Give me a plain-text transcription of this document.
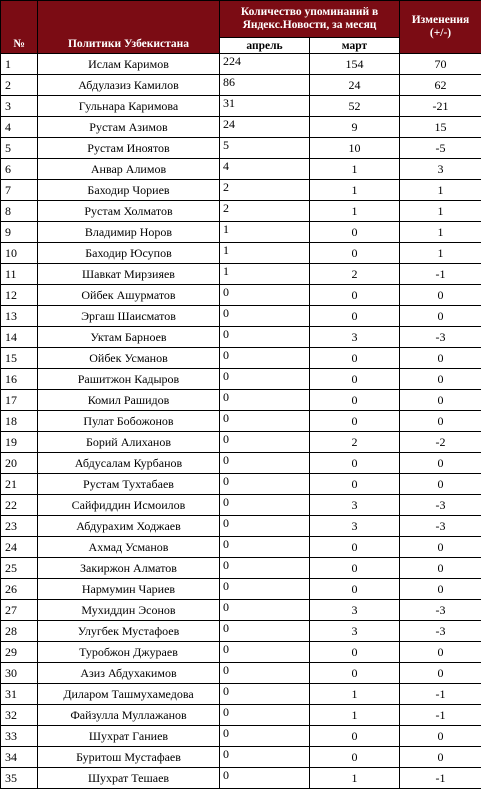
№	Политики Узбекистана	Количество упоминаний в Яндекс.Новости, за месяц		Изменения (+/-)
		апрель	март	
1	Ислам Каримов	224	154	70
2	Абдулазиз Камилов	86	24	62
3	Гульнара Каримова	31	52	-21
4	Рустам Азимов	24	9	15
5	Рустам Иноятов	5	10	-5
6	Анвар Алимов	4	1	3
7	Баходир Чориев	2	1	1
8	Рустам Холматов	2	1	1
9	Владимир Норов	1	0	1
10	Баходир Юсупов	1	0	1
11	Шавкат Мирзияев	1	2	-1
12	Ойбек Ашурматов	0	0	0
13	Эргаш Шаисматов	0	0	0
14	Уктам Барноев	0	3	-3
15	Ойбек Усманов	0	0	0
16	Рашитжон Кадыров	0	0	0
17	Комил Рашидов	0	0	0
18	Пулат Бобожонов	0	0	0
19	Борий Алиханов	0	2	-2
20	Абдусалам Курбанов	0	0	0
21	Рустам Тухтабаев	0	0	0
22	Сайфиддин Исмоилов	0	3	-3
23	Абдурахим Ходжаев	0	3	-3
24	Ахмад Усманов	0	0	0
25	Закиржон Алматов	0	0	0
26	Нармумин Чариев	0	0	0
27	Мухиддин Эсонов	0	3	-3
28	Улугбек Мустафоев	0	3	-3
29	Туробжон Джураев	0	0	0
30	Азиз Абдухакимов	0	0	0
31	Диларом Ташмухамедова	0	1	-1
32	Файзулла Муллажанов	0	1	-1
33	Шухрат Ганиев	0	0	0
34	Буритош Мустафаев	0	0	0
35	Шухрат Тешаев	0	1	-1
